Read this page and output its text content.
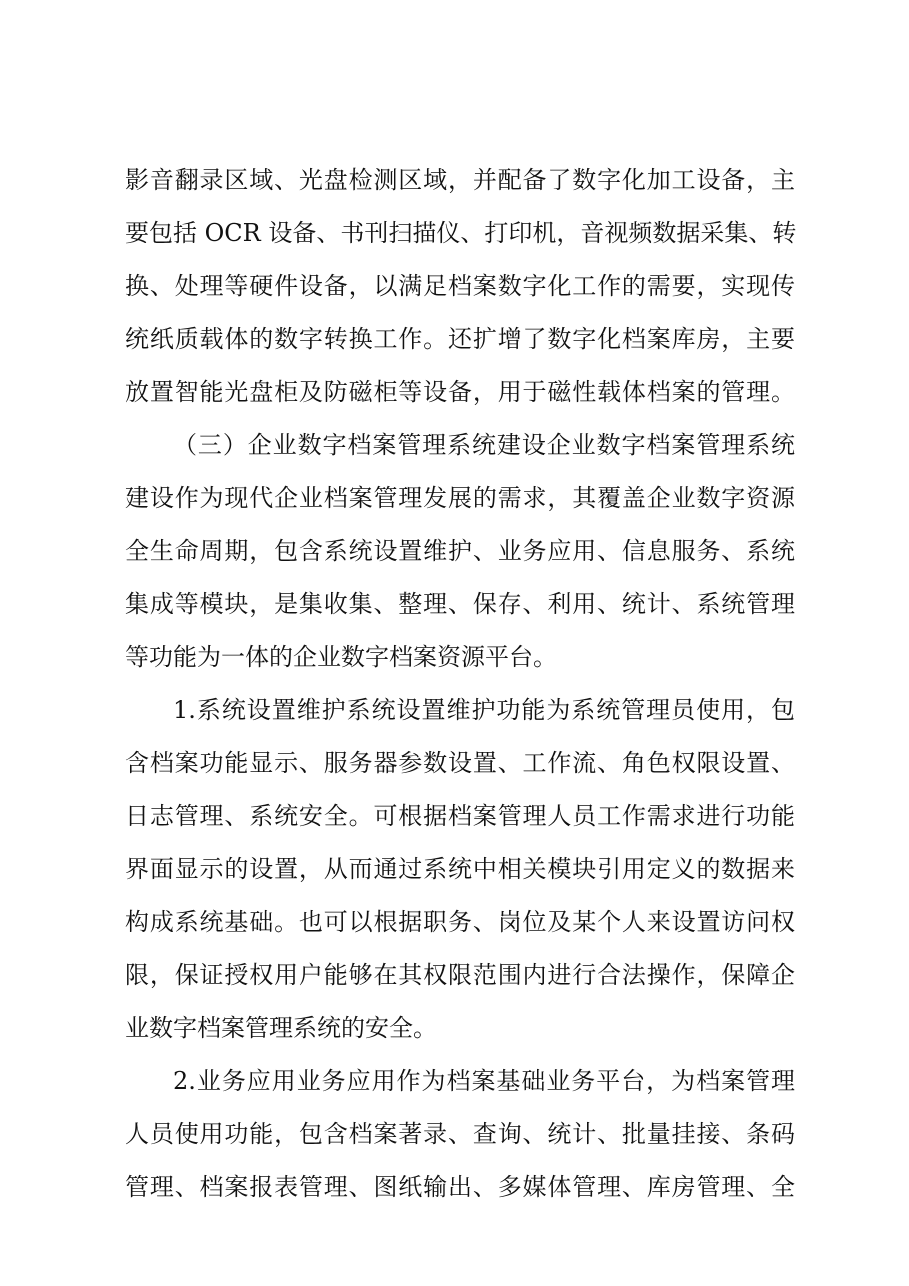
影音翻录区域、光盘检测区域，并配备了数字化加工设备，主
要包括 OCR 设备、书刊扫描仪、打印机，音视频数据采集、转
换、处理等硬件设备，以满足档案数字化工作的需要，实现传
统纸质载体的数字转换工作。还扩增了数字化档案库房，主要
放置智能光盘柜及防磁柜等设备，用于磁性载体档案的管理。
（三）企业数字档案管理系统建设企业数字档案管理系统
建设作为现代企业档案管理发展的需求，其覆盖企业数字资源
全生命周期，包含系统设置维护、业务应用、信息服务、系统
集成等模块，是集收集、整理、保存、利用、统计、系统管理
等功能为一体的企业数字档案资源平台。
1.系统设置维护系统设置维护功能为系统管理员使用，包
含档案功能显示、服务器参数设置、工作流、角色权限设置、
日志管理、系统安全。可根据档案管理人员工作需求进行功能
界面显示的设置，从而通过系统中相关模块引用定义的数据来
构成系统基础。也可以根据职务、岗位及某个人来设置访问权
限，保证授权用户能够在其权限范围内进行合法操作，保障企
业数字档案管理系统的安全。
2.业务应用业务应用作为档案基础业务平台，为档案管理
人员使用功能，包含档案著录、查询、统计、批量挂接、条码
管理、档案报表管理、图纸输出、多媒体管理、库房管理、全
